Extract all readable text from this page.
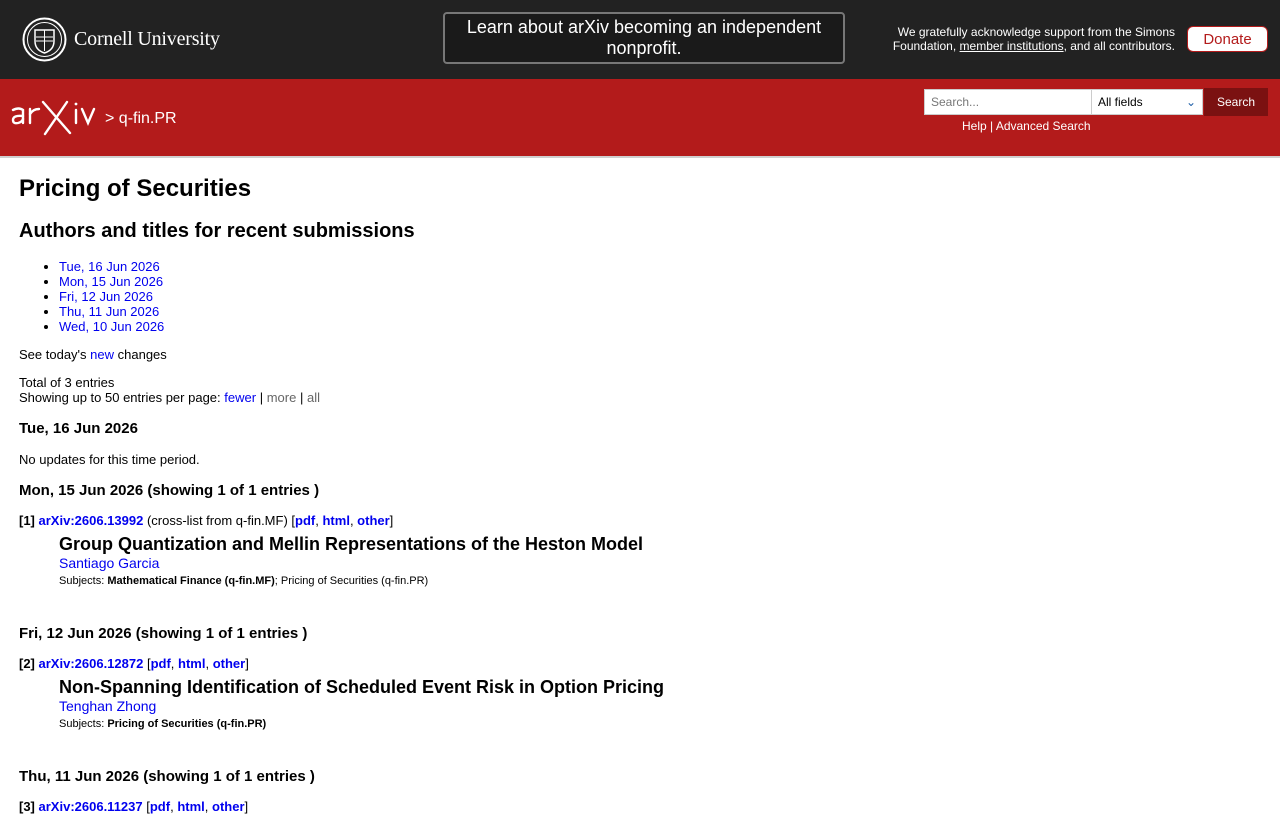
Cornell University
Learn about arXiv becoming an independent nonprofit.
We gratefully acknowledge support from the Simons Foundation, member institutions, and all contributors.	Donate
> q-fin.PR
Search...	All fields	⌄	Search
Help | Advanced Search
Pricing of Securities
Authors and titles for recent submissions
• Tue, 16 Jun 2026
• Mon, 15 Jun 2026
• Fri, 12 Jun 2026
• Thu, 11 Jun 2026
• Wed, 10 Jun 2026
See today's new changes
Total of 3 entries
Showing up to 50 entries per page: fewer | more | all
Tue, 16 Jun 2026
No updates for this time period.
Mon, 15 Jun 2026 (showing 1 of 1 entries )
[1] arXiv:2606.13992 (cross-list from q-fin.MF) [pdf, html, other]
Group Quantization and Mellin Representations of the Heston Model
Santiago Garcia
Subjects: Mathematical Finance (q-fin.MF); Pricing of Securities (q-fin.PR)
Fri, 12 Jun 2026 (showing 1 of 1 entries )
[2] arXiv:2606.12872 [pdf, html, other]
Non-Spanning Identification of Scheduled Event Risk in Option Pricing
Tenghan Zhong
Subjects: Pricing of Securities (q-fin.PR)
Thu, 11 Jun 2026 (showing 1 of 1 entries )
[3] arXiv:2606.11237 [pdf, html, other]
